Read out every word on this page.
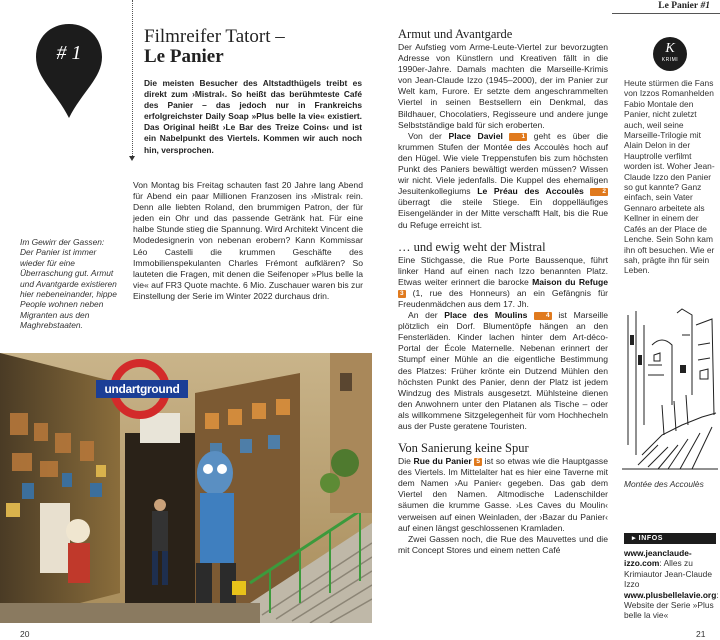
# 1
Filmreifer Tatort –
Le Panier
Die meisten Besucher des Altstadthügels treibt es direkt zum ›Mistral‹. So heißt das berühmteste Café des Panier – das jedoch nur in Frankreichs erfolgreichster Daily Soap »Plus belle la vie« existiert. Das Original heißt ›Le Bar des Treize Coins‹ und ist ein Nabelpunkt des Viertels. Kommen wir auch noch hin, versprochen.
Von Montag bis Freitag schauten fast 20 Jahre lang Abend für Abend ein paar Millionen Franzosen ins ›Mistral‹ rein. Denn alle liebten Roland, den brummigen Patron, der für jeden ein Ohr und das passende Getränk hat. Für eine halbe Stunde stieg die Spannung. Wird Architekt Vincent die Modedesignerin von nebenan erobern? Kann Kommissar Léo Castelli die krummen Geschäfte des Immobilienspekulanten Charles Frémont aufklären? So lauteten die Fragen, mit denen die Seifenoper »Plus belle la vie« auf FR3 Quote machte. 6 Mio. Zuschauer waren bis zur Einstellung der Serie im Winter 2022 durchaus drin.
Im Gewirr der Gassen: Der Panier ist immer wieder für eine Überraschung gut. Armut und Avantgarde existieren hier nebeneinander, hippe People wohnen neben Migranten aus den Maghrebstaaten.
undartground
20
Le Panier #1
Armut und Avantgarde

Der Aufstieg vom Arme-Leute-Viertel zur bevorzugten Adresse von Künstlern und Kreativen fällt in die 1990er-Jahre. Damals machten die Marseille-Krimis von Jean-Claude Izzo (1945–2000), der im Panier zur Welt kam, Furore. Er setzte dem angeschrammelten Viertel in seinen Bestsellern ein Denkmal, das Bildhauer, Chocolatiers, Regisseure und andere junge Selbstständige bald für sich eroberten.

Von der Place Daviel	1 geht es über die krummen Stufen der Montée des Accoulès hoch auf den Hügel. Wie viele Treppenstufen bis zum höchsten Punkt des Paniers bewältigt werden müssen? Wissen wir nicht. Viele jedenfalls. Die Kuppel des ehemaligen Jesuitenkollegiums Le Préau des Accoulès	2 überragt die steile Stiege. Ein doppelläufiges Eisengeländer in der Mitte verschafft Halt, bis die Rue du Refuge erreicht ist.

… und ewig weht der Mistral

Eine Stichgasse, die Rue Porte Baussenque, führt linker Hand auf einen nach Izzo benannten Platz. Etwas weiter erinnert die barocke Maison du Refuge 3 (1, rue des Honneurs) an ein Gefängnis für Freudenmädchen aus dem 17. Jh.

An der Place des Moulins	4 ist Marseille plötzlich ein Dorf. Blumentöpfe hängen an den Fensterläden. Kinder lachen hinter dem Art-déco-Portal der École Maternelle. Nebenan erinnert der Stumpf einer Mühle an die eigentliche Bestimmung des Platzes: Früher krönte ein Dutzend Mühlen den höchsten Punkt des Panier, denn der Platz ist jedem Windzug des Mistrals ausgesetzt. Mühlsteine dienen den Anwohnern unter den Platanen als Tische – oder als willkommene Sitzgelegenheit für vom Hochhecheln aus der Puste geratene Touristen.

Von Sanierung keine Spur

Die Rue du Panier 5 ist so etwas wie die Hauptgasse des Viertels. Im Mittelalter hat es hier eine Taverne mit dem Namen ›Au Panier‹ gegeben. Das gab dem Viertel den Namen. Altmodische Ladenschilder säumen die krumme Gasse. ›Les Caves du Moulin‹ verweisen auf einen Weinladen, der ›Bazar du Panier‹ auf einen längst geschlossenen Kramladen.

Zwei Gassen noch, die Rue des Mauvettes und die mit Concept Stores und einem netten Café

K
KRIMI
Heute stürmen die Fans von Izzos Romanhelden Fabio Montale den Panier, nicht zuletzt auch, weil seine Marseille-Trilogie mit Alain Delon in der Hauptrolle verfilmt worden ist. Woher Jean-Claude Izzo den Panier so gut kannte? Ganz einfach, sein Vater Gennaro arbeitete als Kellner in einem der Cafés an der Place de Lenche. Sein Sohn kam ihn oft besuchen. Wie er sah, prägte ihn für sein Leben.
Montée des Accoulès
▸ INFOS
www.jeanclaude-izzo.com: Alles zu Krimiautor Jean-Claude Izzo
www.plusbellelavie.org: Website der Serie »Plus belle la vie«
21
